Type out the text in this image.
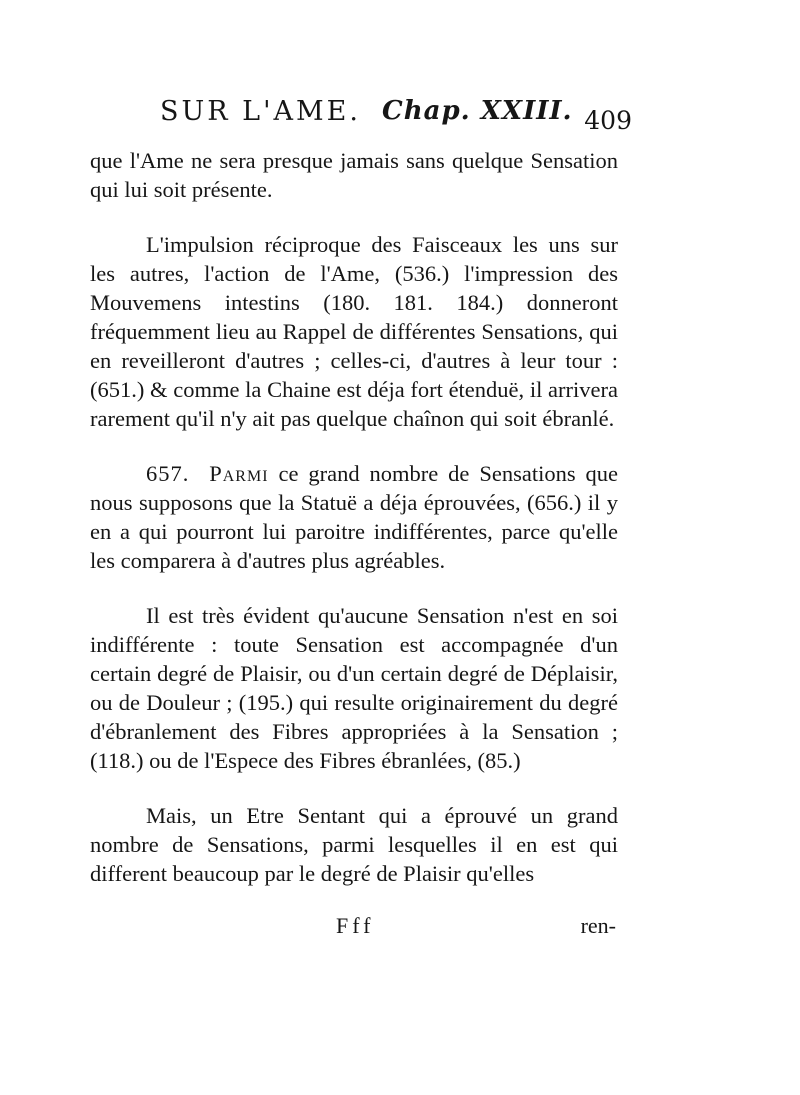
SUR L'AME. Chap. XXIII. 409

que l'Ame ne sera presque jamais sans quelque Sensation qui lui soit présente.

L'impulsion réciproque des Faisceaux les uns sur les autres, l'action de l'Ame, (536.) l'impression des Mouvemens intestins (180. 181. 184.) donneront fréquemment lieu au Rappel de différentes Sensations, qui en reveilleront d'autres ; celles-ci, d'autres à leur tour : (651.) & comme la Chaine est déja fort étenduë, il arrivera rarement qu'il n'y ait pas quelque chaînon qui soit ébranlé.

657. Parmi ce grand nombre de Sensations que nous supposons que la Statuë a déja éprouvées, (656.) il y en a qui pourront lui paroitre indifférentes, parce qu'elle les comparera à d'autres plus agréables.

Il est très évident qu'aucune Sensation n'est en soi indifférente : toute Sensation est accompagnée d'un certain degré de Plaisir, ou d'un certain degré de Déplaisir, ou de Douleur ; (195.) qui resulte originairement du degré d'ébranlement des Fibres appropriées à la Sensation ; (118.) ou de l'Espece des Fibres ébranlées, (85.)

Mais, un Etre Sentant qui a éprouvé un grand nombre de Sensations, parmi lesquelles il en est qui different beaucoup par le degré de Plaisir qu'elles

Fff	ren-
